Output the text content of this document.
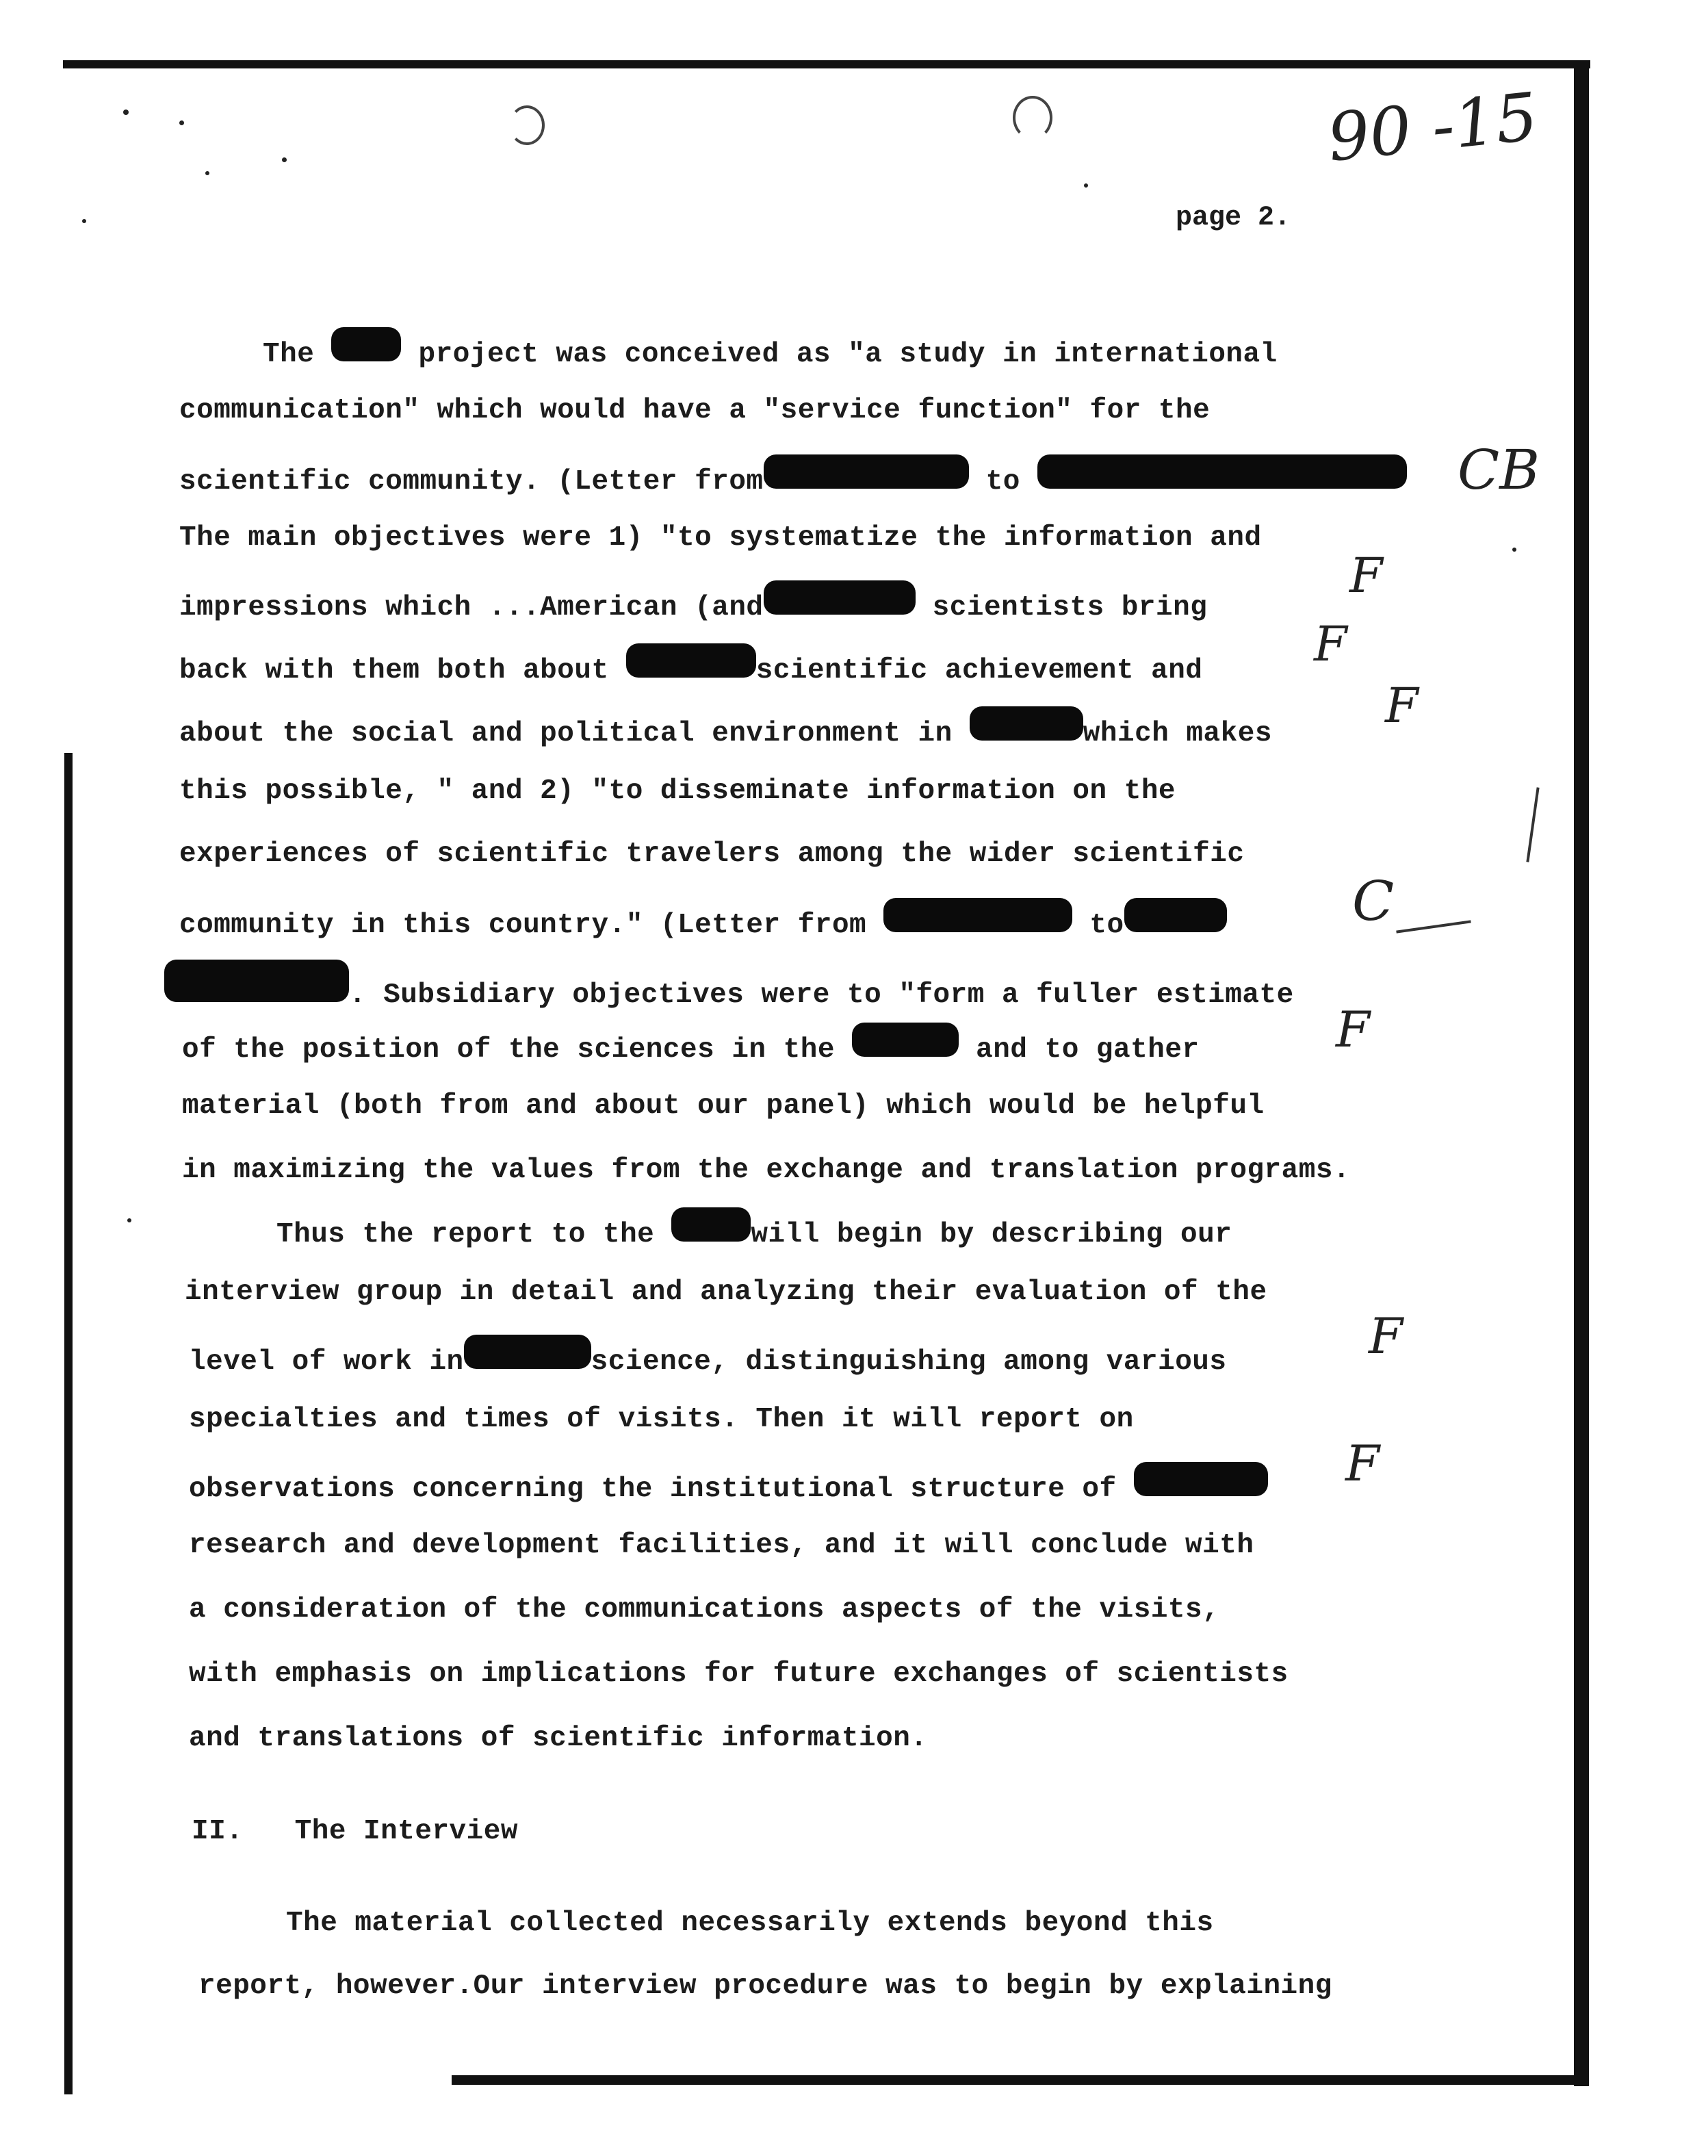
90 -15
page 2.
The	project was conceived as "a study in international
communication" which would have a "service function" for the
scientific community. (Letter from	to
The main objectives were 1) "to systematize the information and
impressions which ...American (and	scientists bring
back with them both about	scientific achievement and
about the social and political environment in	which makes
this possible, " and 2) "to disseminate information on the
experiences of scientific travelers among the wider scientific
community in this country." (Letter from	to
. Subsidiary objectives were to "form a fuller estimate
of the position of the sciences in the	and to gather
material (both from and about our panel) which would be helpful
in maximizing the values from the exchange and translation programs.
Thus the report to the	will begin by describing our
interview group in detail and analyzing their evaluation of the
level of work in	science, distinguishing among various
specialties and times of visits. Then it will report on
observations concerning the institutional structure of
research and development facilities, and it will conclude with
a consideration of the communications aspects of the visits,
with emphasis on implications for future exchanges of scientists
and translations of scientific information.
II. The Interview
The material collected necessarily extends beyond this
report, however.Our interview procedure was to begin by explaining
CB
F
F
F
C
F
F
F
